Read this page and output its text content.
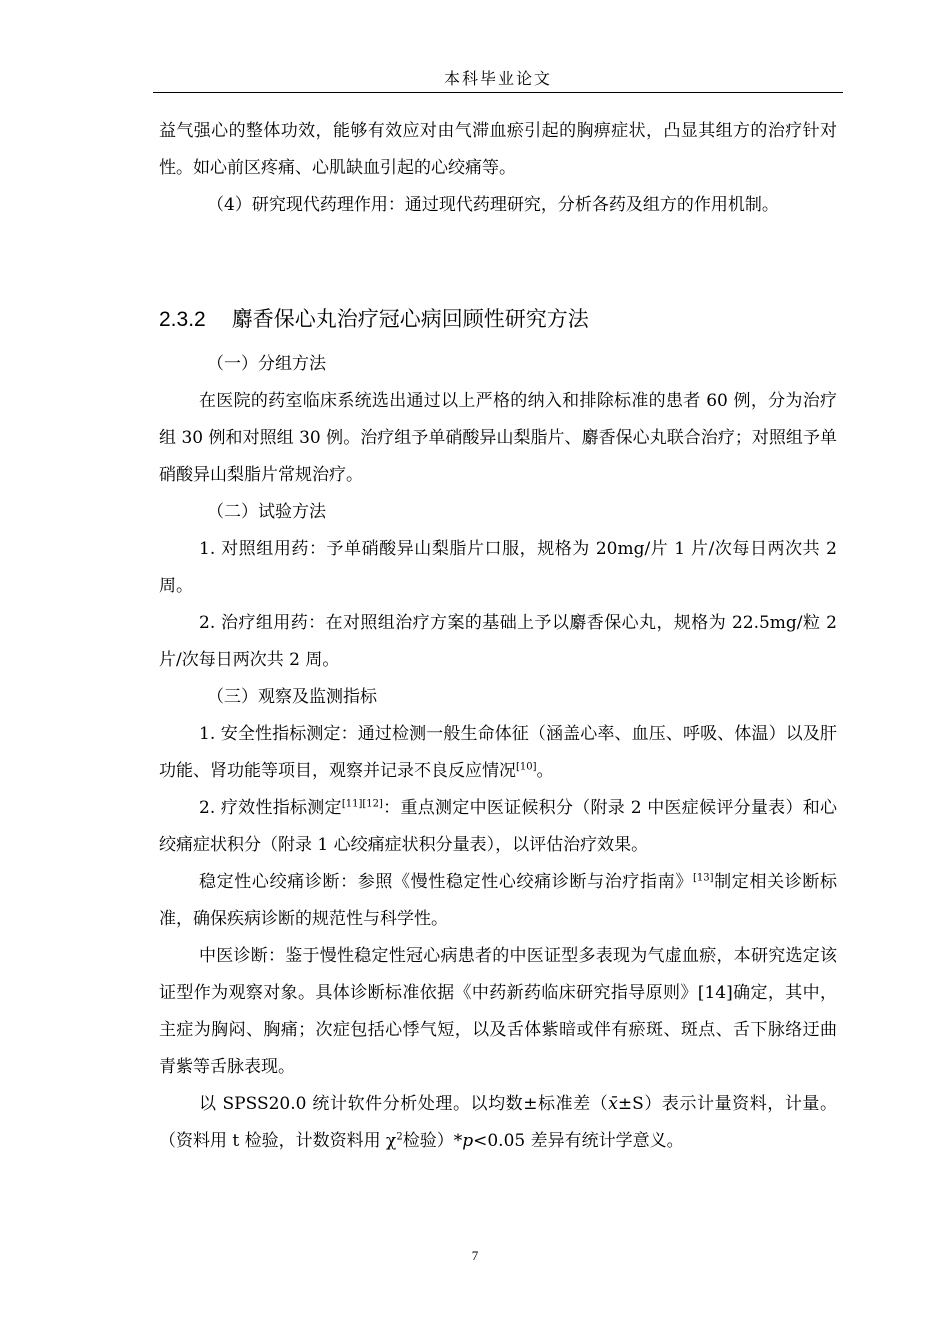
本科毕业论文

益气强心的整体功效，能够有效应对由气滞血瘀引起的胸痹症状，凸显其组方的治疗针对性。如心前区疼痛、心肌缺血引起的心绞痛等。

（4）研究现代药理作用：通过现代药理研究，分析各药及组方的作用机制。

2.3.2 麝香保心丸治疗冠心病回顾性研究方法

（一）分组方法

在医院的药室临床系统选出通过以上严格的纳入和排除标准的患者 60 例，分为治疗组 30 例和对照组 30 例。治疗组予单硝酸异山梨脂片、麝香保心丸联合治疗；对照组予单硝酸异山梨脂片常规治疗。

（二）试验方法

1. 对照组用药：予单硝酸异山梨脂片口服，规格为 20mg/片 1 片/次每日两次共 2 周。

2. 治疗组用药：在对照组治疗方案的基础上予以麝香保心丸，规格为 22.5mg/粒 2 片/次每日两次共 2 周。

（三）观察及监测指标

1. 安全性指标测定：通过检测一般生命体征（涵盖心率、血压、呼吸、体温）以及肝功能、肾功能等项目，观察并记录不良反应情况[10]。

2. 疗效性指标测定[11][12]：重点测定中医证候积分（附录 2 中医症候评分量表）和心绞痛症状积分（附录 1 心绞痛症状积分量表），以评估治疗效果。

稳定性心绞痛诊断：参照《慢性稳定性心绞痛诊断与治疗指南》[13]制定相关诊断标准，确保疾病诊断的规范性与科学性。

中医诊断：鉴于慢性稳定性冠心病患者的中医证型多表现为气虚血瘀，本研究选定该证型作为观察对象。具体诊断标准依据《中药新药临床研究指导原则》[14]确定，其中，主症为胸闷、胸痛；次症包括心悸气短，以及舌体紫暗或伴有瘀斑、斑点、舌下脉络迂曲青紫等舌脉表现。

以 SPSS20.0 统计软件分析处理。以均数±标准差（x̄±S）表示计量资料，计量。（资料用 t 检验，计数资料用 $\chi^2$检验）*p<0.05 差异有统计学意义。

7
